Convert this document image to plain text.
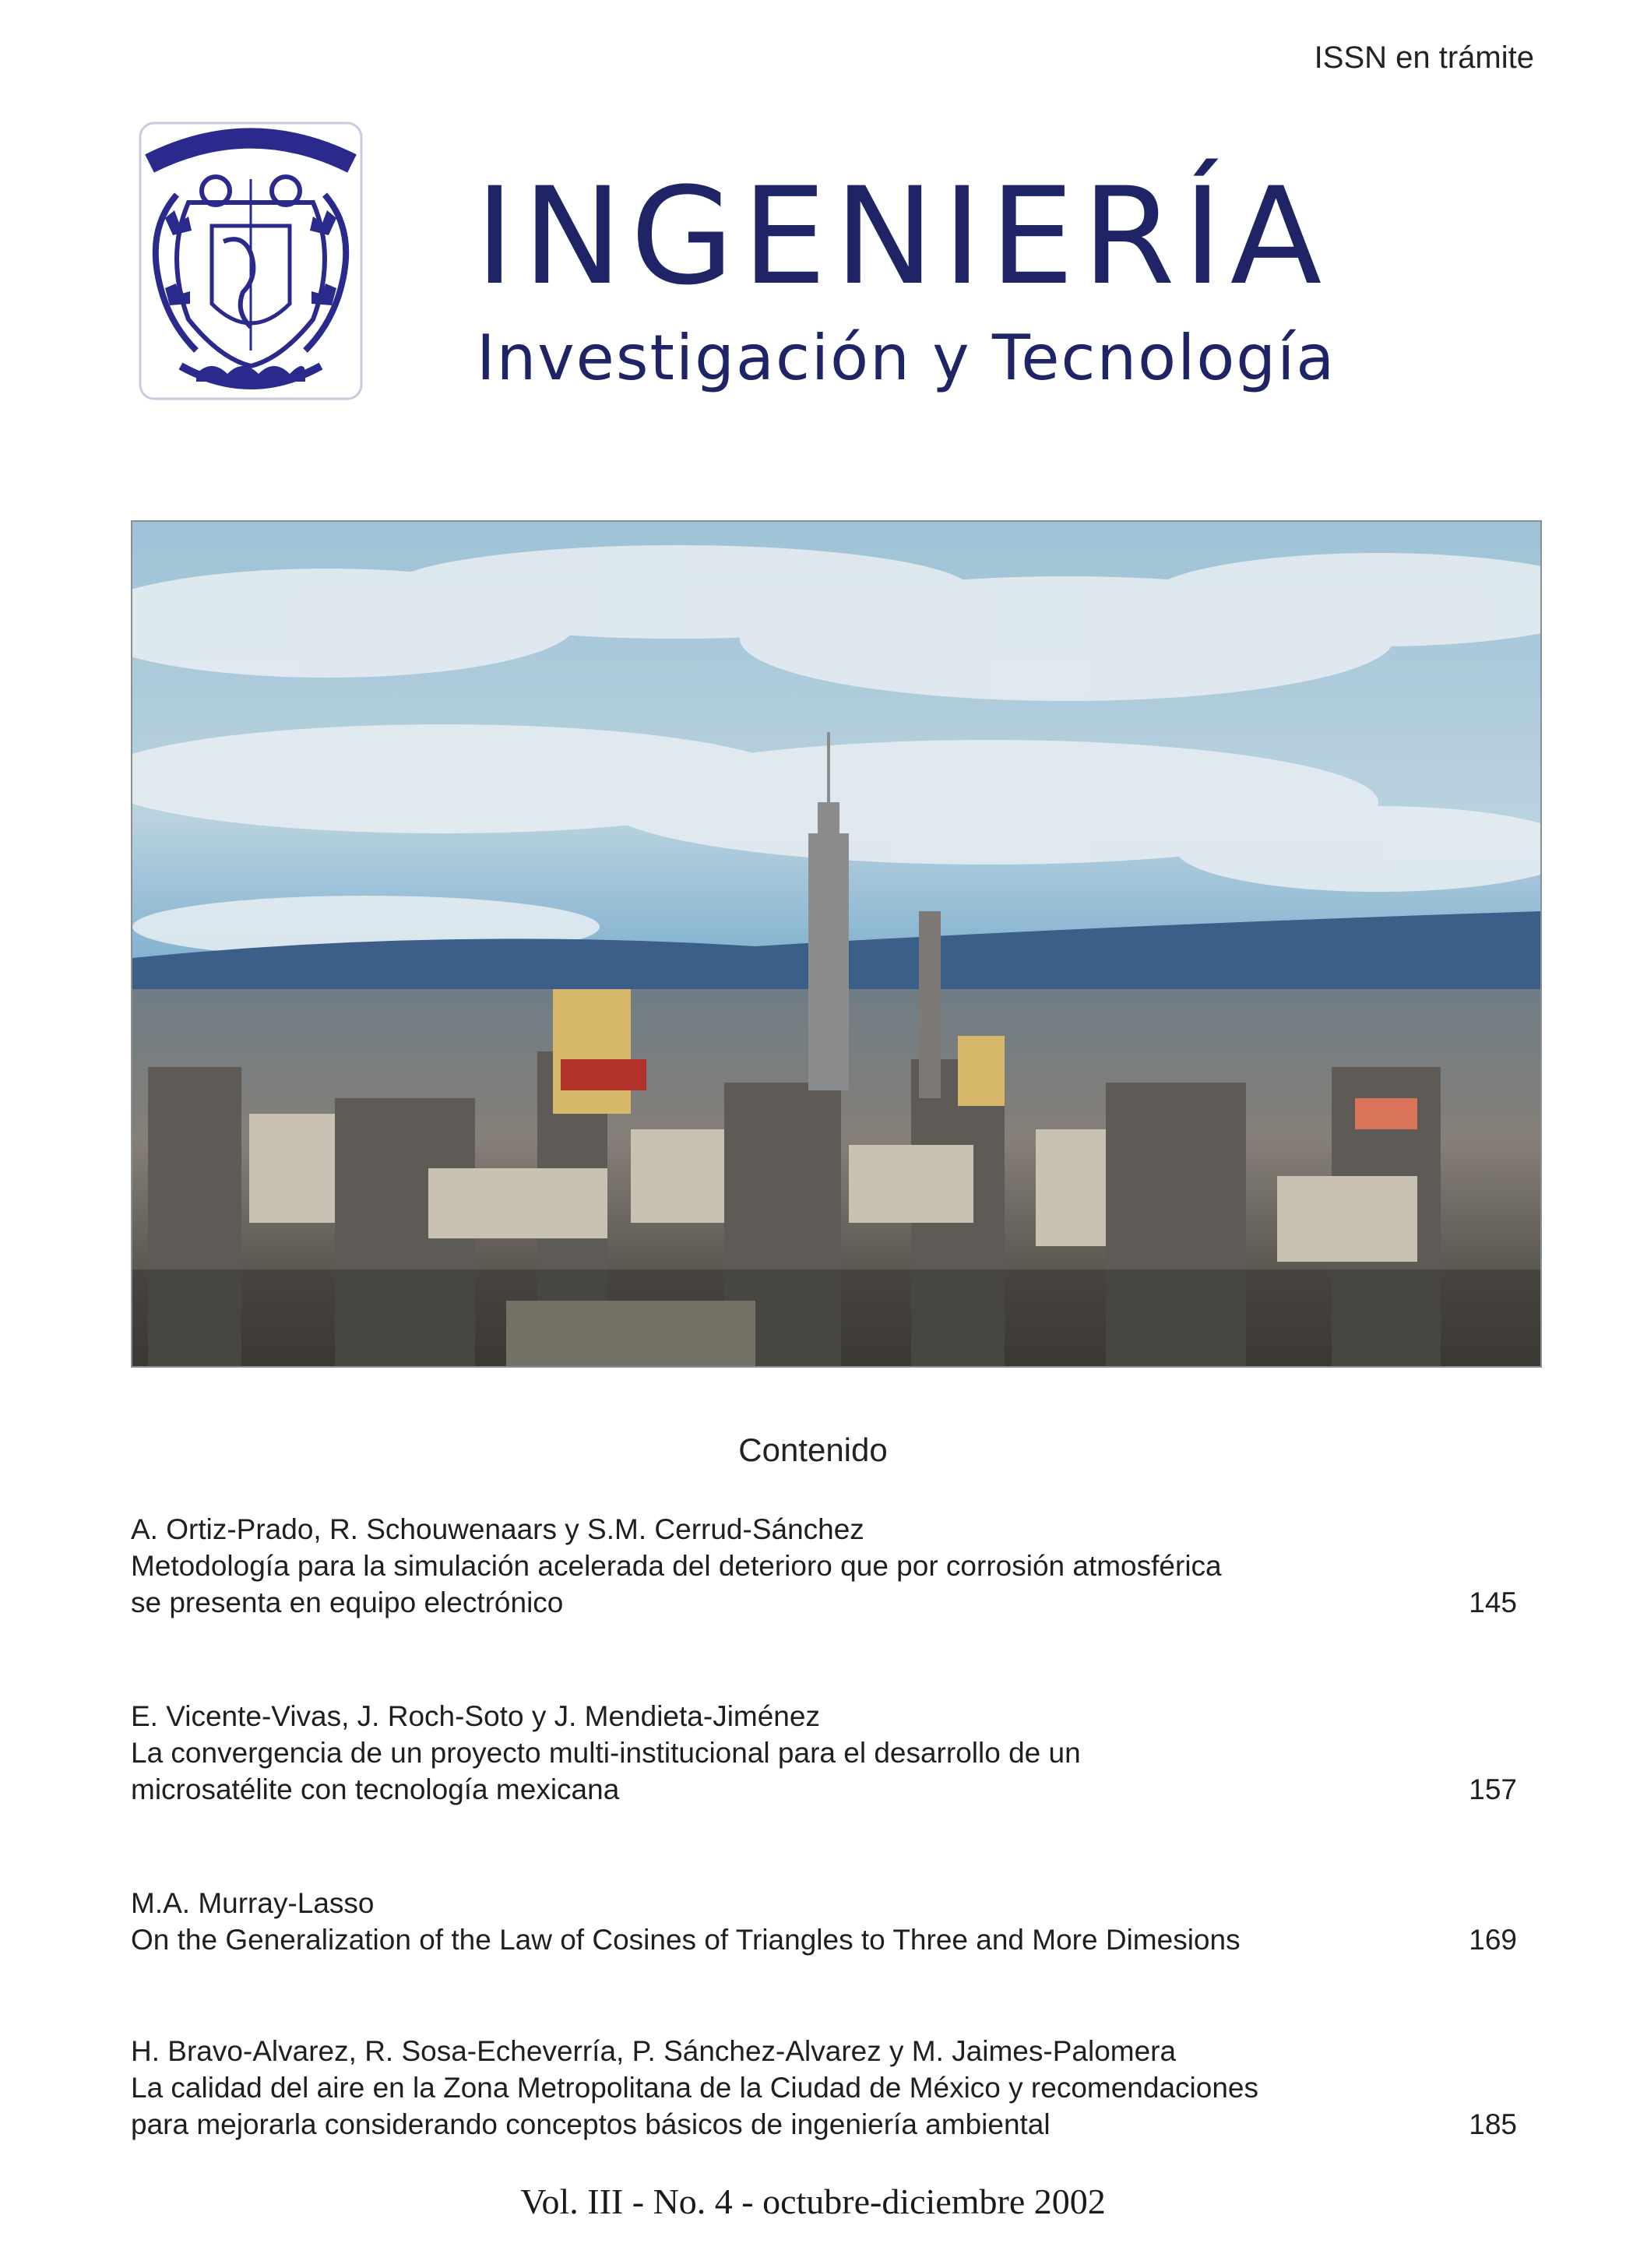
ISSN en trámite
INGENIERÍA
Investigación y Tecnología
Contenido
A. Ortiz-Prado, R. Schouwenaars y S.M. Cerrud-Sánchez
Metodología para la simulación acelerada del deterioro que por corrosión atmosférica
se presenta en equipo electrónico	145
E. Vicente-Vivas, J. Roch-Soto y J. Mendieta-Jiménez
La convergencia de un proyecto multi-institucional para el desarrollo de un
microsatélite con tecnología mexicana	157
M.A. Murray-Lasso
On the Generalization of the Law of Cosines of Triangles to Three and More Dimesions	169
H. Bravo-Alvarez, R. Sosa-Echeverría, P. Sánchez-Alvarez y M. Jaimes-Palomera
La calidad del aire en la Zona Metropolitana de la Ciudad de México y recomendaciones
para mejorarla considerando conceptos básicos de ingeniería ambiental	185
Vol. III - No. 4 - octubre-diciembre 2002
